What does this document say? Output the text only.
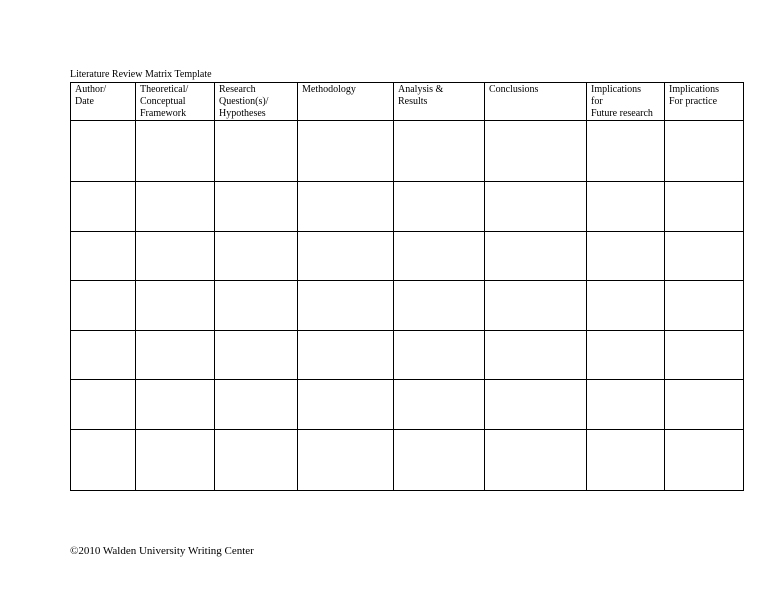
Literature Review Matrix Template
Author/
Date	Theoretical/
Conceptual
Framework	Research
Question(s)/
Hypotheses	Methodology	Analysis &
Results	Conclusions	Implications
for
Future research	Implications
For practice

©2010 Walden University Writing Center
